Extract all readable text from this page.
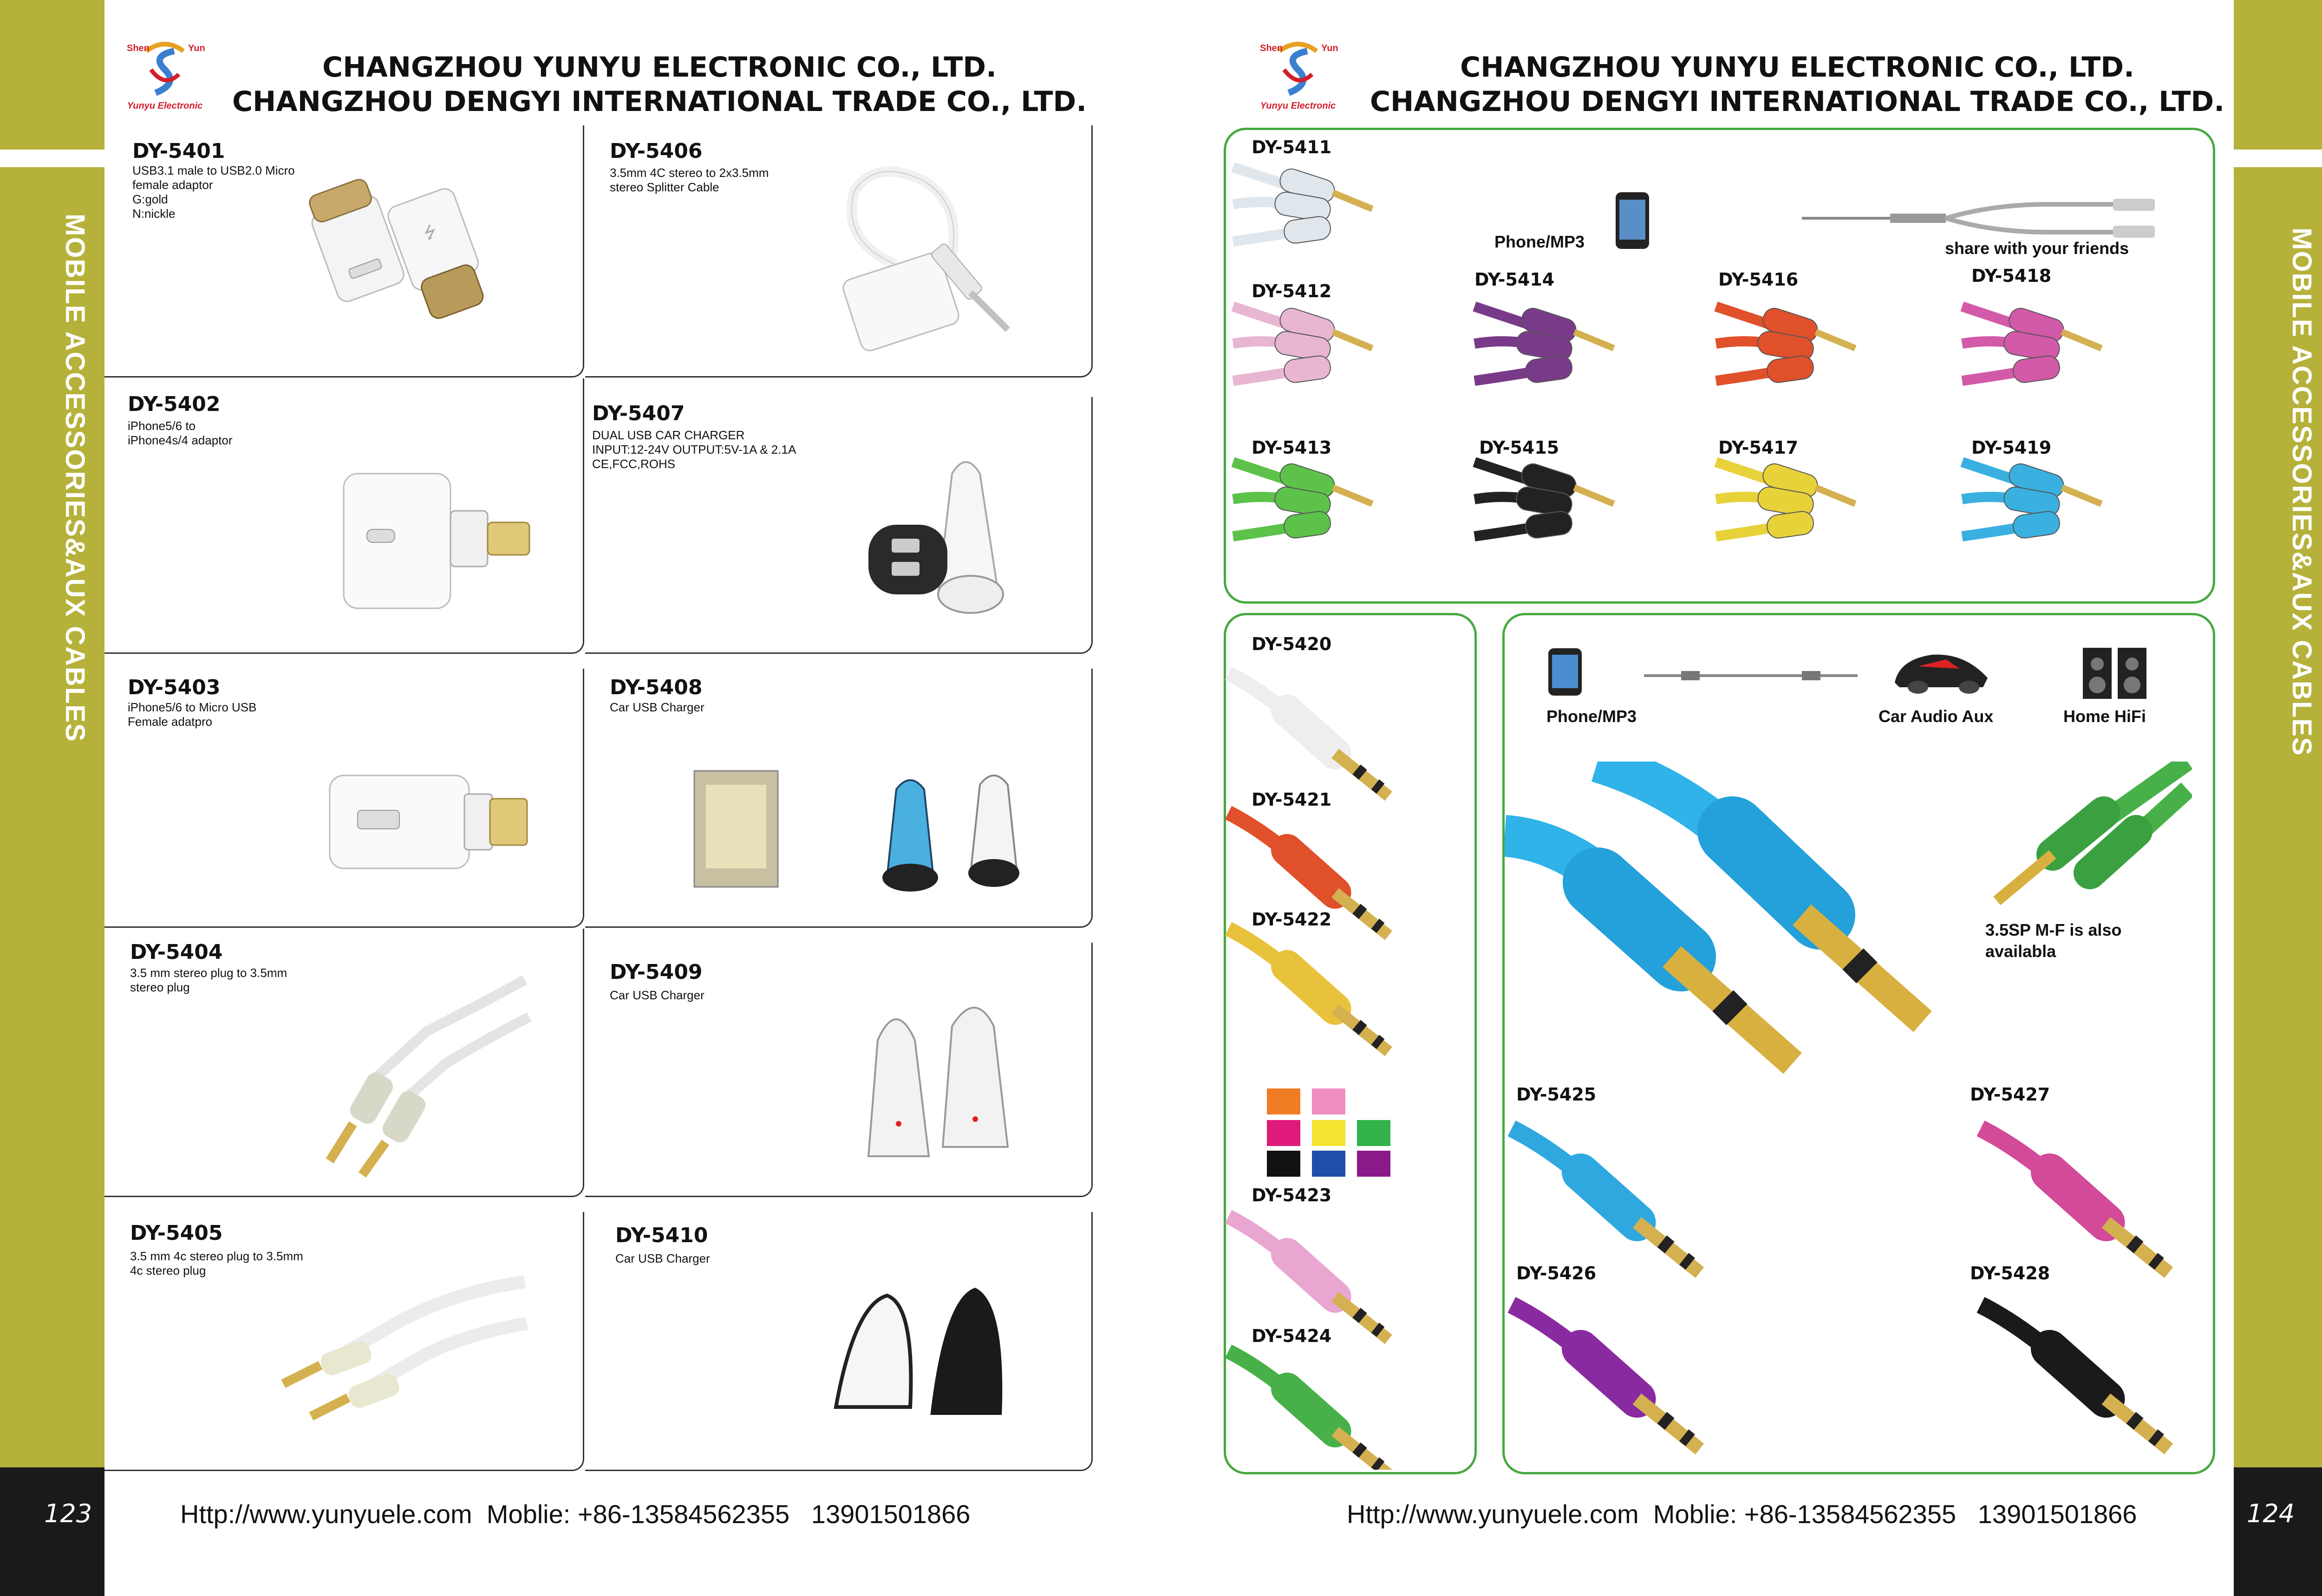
MOBILE ACCESSORIES&AUX CABLES
123
MOBILE ACCESSORIES&AUX CABLES
124
Shen	Yun
Yunyu Electronic
CHANGZHOU YUNYU ELECTRONIC CO., LTD.
CHANGZHOU DENGYI INTERNATIONAL TRADE CO., LTD.
Shen	Yun
Yunyu Electronic
CHANGZHOU YUNYU ELECTRONIC CO., LTD.
CHANGZHOU DENGYI INTERNATIONAL TRADE CO., LTD.
DY-5401
USB3.1 male to USB2.0 Micro
female adaptor
G:gold
N:nickle
⭍
DY-5402
iPhone5/6 to
iPhone4s/4 adaptor
DY-5403
iPhone5/6 to Micro USB
Female adatpro
DY-5404
3.5 mm stereo plug to 3.5mm
stereo plug
DY-5405
3.5 mm 4c stereo plug to 3.5mm
4c stereo plug
DY-5406
3.5mm 4C stereo to 2x3.5mm
stereo Splitter Cable
DY-5407
DUAL USB CAR CHARGER
INPUT:12-24V OUTPUT:5V-1A & 2.1A
CE,FCC,ROHS
DY-5408
Car USB Charger
DY-5409
Car USB Charger
DY-5410
Car USB Charger
DY-5411
DY-5412
DY-5413
DY-5414
DY-5415
DY-5416
DY-5417
DY-5418
DY-5419
Phone/MP3	share with your friends
DY-5420
DY-5421
DY-5422
DY-5423
DY-5424
Phone/MP3	Car Audio Aux	Home HiFi
3.5SP M-F is also
availabla
DY-5425
DY-5426
DY-5427
DY-5428
Http://www.yunyuele.com  Moblie: +86-13584562355   13901501866	Http://www.yunyuele.com  Moblie: +86-13584562355   13901501866
